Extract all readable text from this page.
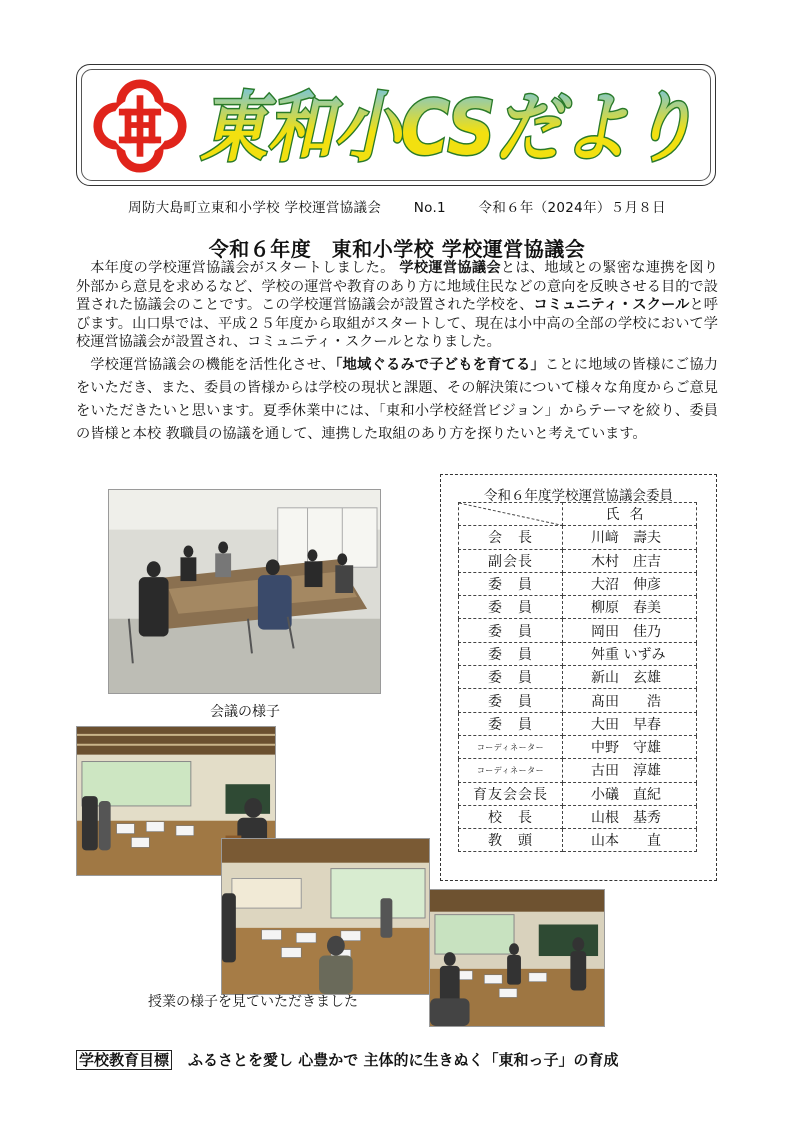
東和小CSだより
周防大島町立東和小学校 学校運営協議会 No.1 令和６年（2024年）５月８日
令和６年度　東和小学校 学校運営協議会

本年度の学校運営協議会がスタートしました。 学校運営協議会とは、地域との緊密な連携を図り外部から意見を求めるなど、学校の運営や教育のあり方に地域住民などの意向を反映させる目的で設置された協議会のことです。この学校運営協議会が設置された学校を、コミュニティ・スクールと呼びます。山口県では、平成２５年度から取組がスタートして、現在は小中高の全部の学校において学校運営協議会が設置され、コミュニティ・スクールとなりました。

学校運営協議会の機能を活性化させ、「地域ぐるみで子どもを育てる」ことに地域の皆様にご協力をいただき、また、委員の皆様からは学校の現状と課題、その解決策について様々な角度からご意見をいただきたいと思います。夏季休業中には、「東和小学校経営ビジョン」からテーマを絞り、委員の皆様と本校 教職員の協議を通して、連携した取組のあり方を探りたいと考えています。

会議の様子
授業の様子を見ていただきました
令和６年度学校運営協議会委員
	氏名
会　長	川﨑　壽夫
副会長	木村　庄吉
委　員	大沼　伸彦
委　員	柳原　春美
委　員	岡田　佳乃
委　員	舛重 いずみ
委　員	新山　玄雄
委　員	髙田　　浩
委　員	大田　早春
コーディネーター	中野　守雄
コーディネーター	古田　淳雄
育友会会長	小礒　直紀
校　長	山根　基秀
教　頭	山本　　直
学校教育目標 ふるさとを愛し 心豊かで 主体的に生きぬく「東和っ子」の育成
